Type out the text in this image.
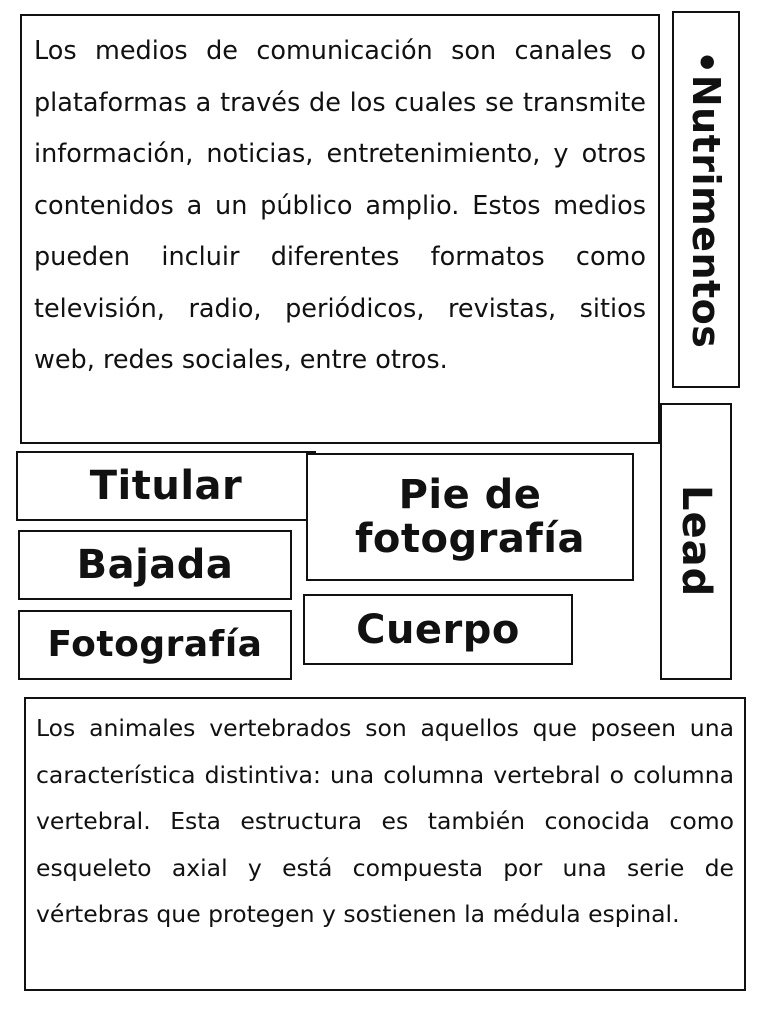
Los medios de comunicación son canales o plataformas a través de los cuales se transmite información, noticias, entretenimiento, y otros contenidos a un público amplio. Estos medios pueden incluir diferentes formatos como televisión, radio, periódicos, revistas, sitios web, redes sociales, entre otros.

•Nutrimentos
Titular	Pie de fotografía	Lead
Bajada
Cuerpo
Fotografía

Los animales vertebrados son aquellos que poseen una característica distintiva: una columna vertebral o columna vertebral. Esta estructura es también conocida como esqueleto axial y está compuesta por una serie de vértebras que protegen y sostienen la médula espinal.
